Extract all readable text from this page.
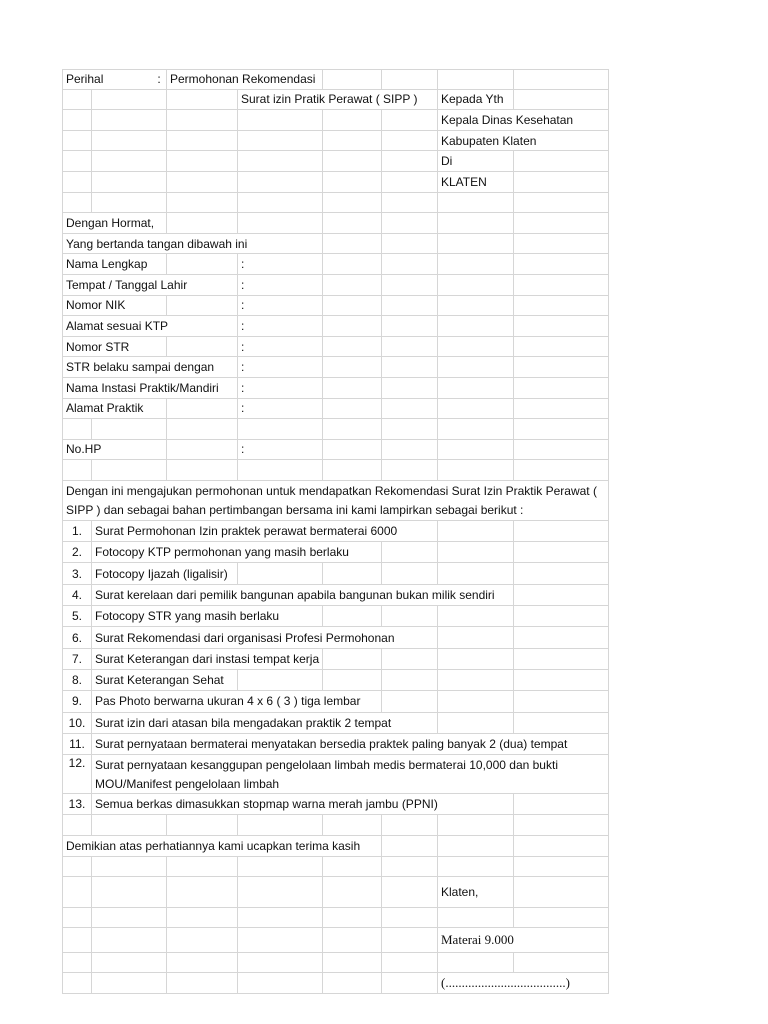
Perihal	: Permohonan Rekomendasi
Surat izin Pratik Perawat ( SIPP )	Kepada Yth
Kepala Dinas Kesehatan
Kabupaten Klaten
Di
KLATEN
Dengan Hormat,
Yang bertanda tangan dibawah ini
Nama Lengkap	:
Tempat / Tanggal Lahir	:
Nomor NIK	:
Alamat sesuai KTP	:
Nomor STR	:
STR belaku sampai dengan	:
Nama Instasi Praktik/Mandiri	:
Alamat Praktik	:
No.HP	:
Dengan ini mengajukan permohonan untuk mendapatkan Rekomendasi Surat Izin Praktik Perawat ( SIPP ) dan sebagai bahan pertimbangan bersama ini kami lampirkan sebagai berikut :
1.	Surat Permohonan Izin praktek perawat bermaterai 6000
2.	Fotocopy KTP permohonan yang masih berlaku
3.	Fotocopy Ijazah (ligalisir)
4.	Surat kerelaan dari pemilik bangunan apabila bangunan bukan milik sendiri
5.	Fotocopy STR yang masih berlaku
6.	Surat Rekomendasi dari organisasi Profesi Permohonan
7.	Surat Keterangan dari instasi tempat kerja
8.	Surat Keterangan Sehat
9.	Pas Photo berwarna ukuran 4 x 6 ( 3 ) tiga lembar
10. Surat izin dari atasan bila mengadakan praktik 2 tempat
11. Surat pernyataan bermaterai menyatakan bersedia praktek paling banyak 2 (dua) tempat
12. Surat pernyataan kesanggupan pengelolaan limbah medis bermaterai 10,000 dan bukti MOU/Manifest pengelolaan limbah
13. Semua berkas dimasukkan stopmap warna merah jambu (PPNI)
Demikian atas perhatiannya kami ucapkan terima kasih
Klaten,
Materai 9.000
(.....................................)
